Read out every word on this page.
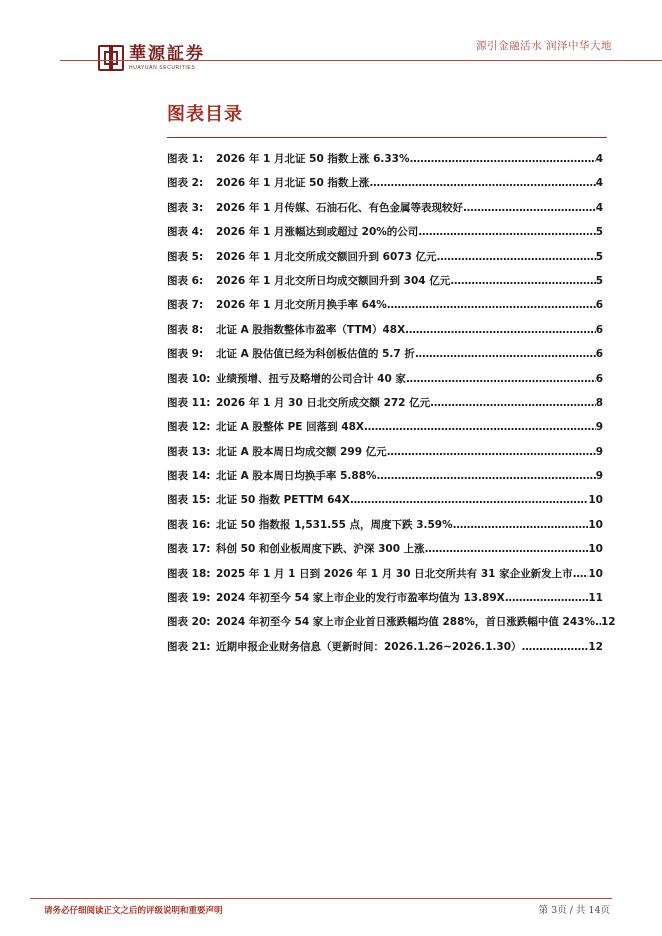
華源証券
HUAYUAN SECURITIES
源引金融活水 润泽中华大地
图表目录
图表 1:	2026 年 1 月北证 50 指数上涨 6.33% .....	4
图表 2:	2026 年 1 月北证 50 指数上涨 .....	4
图表 3:	2026 年 1 月传媒、石油石化、有色金属等表现较好 .....	4
图表 4:	2026 年 1 月涨幅达到或超过 20%的公司 .....	5
图表 5:	2026 年 1 月北交所成交额回升到 6073 亿元 .....	5
图表 6:	2026 年 1 月北交所日均成交额回升到 304 亿元 .....	5
图表 7:	2026 年 1 月北交所月换手率 64% .....	6
图表 8:	北证 A 股指数整体市盈率（TTM）48X .....	6
图表 9:	北证 A 股估值已经为科创板估值的 5.7 折 .....	6
图表 10: 业绩预增、扭亏及略增的公司合计 40 家 .....	6
图表 11: 2026 年 1 月 30 日北交所成交额 272 亿元 .....	8
图表 12: 北证 A 股整体 PE 回落到 48X .....	9
图表 13: 北证 A 股本周日均成交额 299 亿元 .....	9
图表 14: 北证 A 股本周日均换手率 5.88% .....	9
图表 15: 北证 50 指数 PETTM 64X .....	10
图表 16: 北证 50 指数报 1,531.55 点，周度下跌 3.59% .....	10
图表 17: 科创 50 和创业板周度下跌、沪深 300 上涨 .....	10
图表 18: 2025 年 1 月 1 日到 2026 年 1 月 30 日北交所共有 31 家企业新发上市 ..... 10
图表 19: 2024 年初至今 54 家上市企业的发行市盈率均值为 13.89X .....	11
图表 20: 2024 年初至今 54 家上市企业首日涨跌幅均值 288%，首日涨跌幅中值 243% ..... 12
图表 21: 近期申报企业财务信息（更新时间：2026.1.26~2026.1.30） .....	12
请务必仔细阅读正文之后的评级说明和重要声明	第 3页 / 共 14页
